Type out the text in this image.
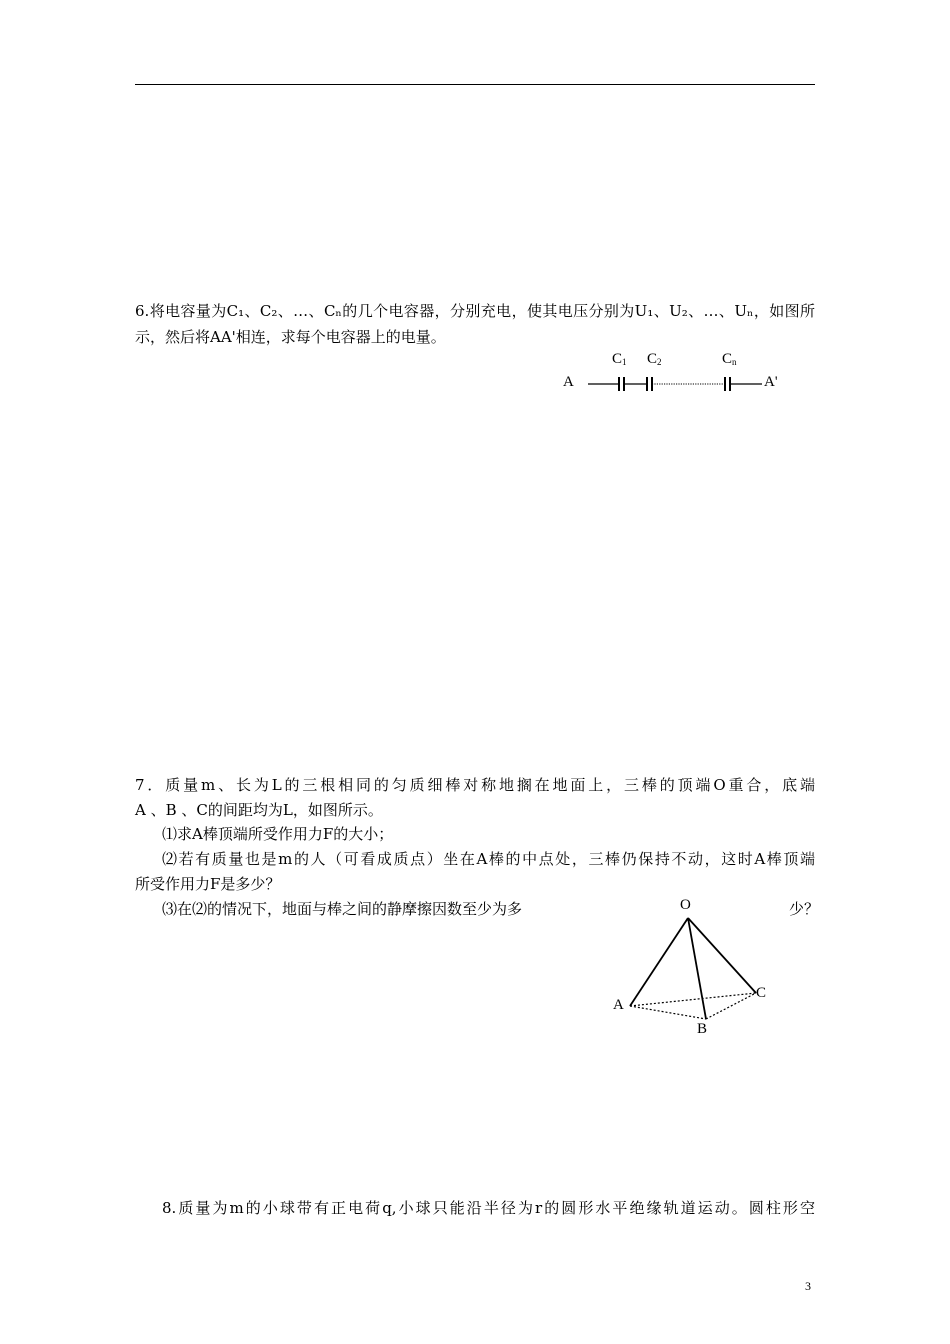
6.将电容量为C₁、C₂、…、Cₙ的几个电容器，分别充电，使其电压分别为U₁、U₂、…、Uₙ，如图所
示，然后将AA'相连，求每个电容器上的电量。
A	A'
$C_1$ $C_2$	$C_n$
7．质量m、长为L的三根相同的匀质细棒对称地搁在地面上，三棒的顶端O重合，底端
A 、B 、C的间距均为L，如图所示。
⑴求A棒顶端所受作用力F的大小；
⑵若有质量也是m的人（可看成质点）坐在A棒的中点处，三棒仍保持不动，这时A棒顶端
所受作用力F是多少？
⑶在⑵的情况下，地面与棒之间的静摩擦因数至少为多	少？
O
A
B
C
8.质量为m的小球带有正电荷q,小球只能沿半径为r的圆形水平绝缘轨道运动。圆柱形空
3
